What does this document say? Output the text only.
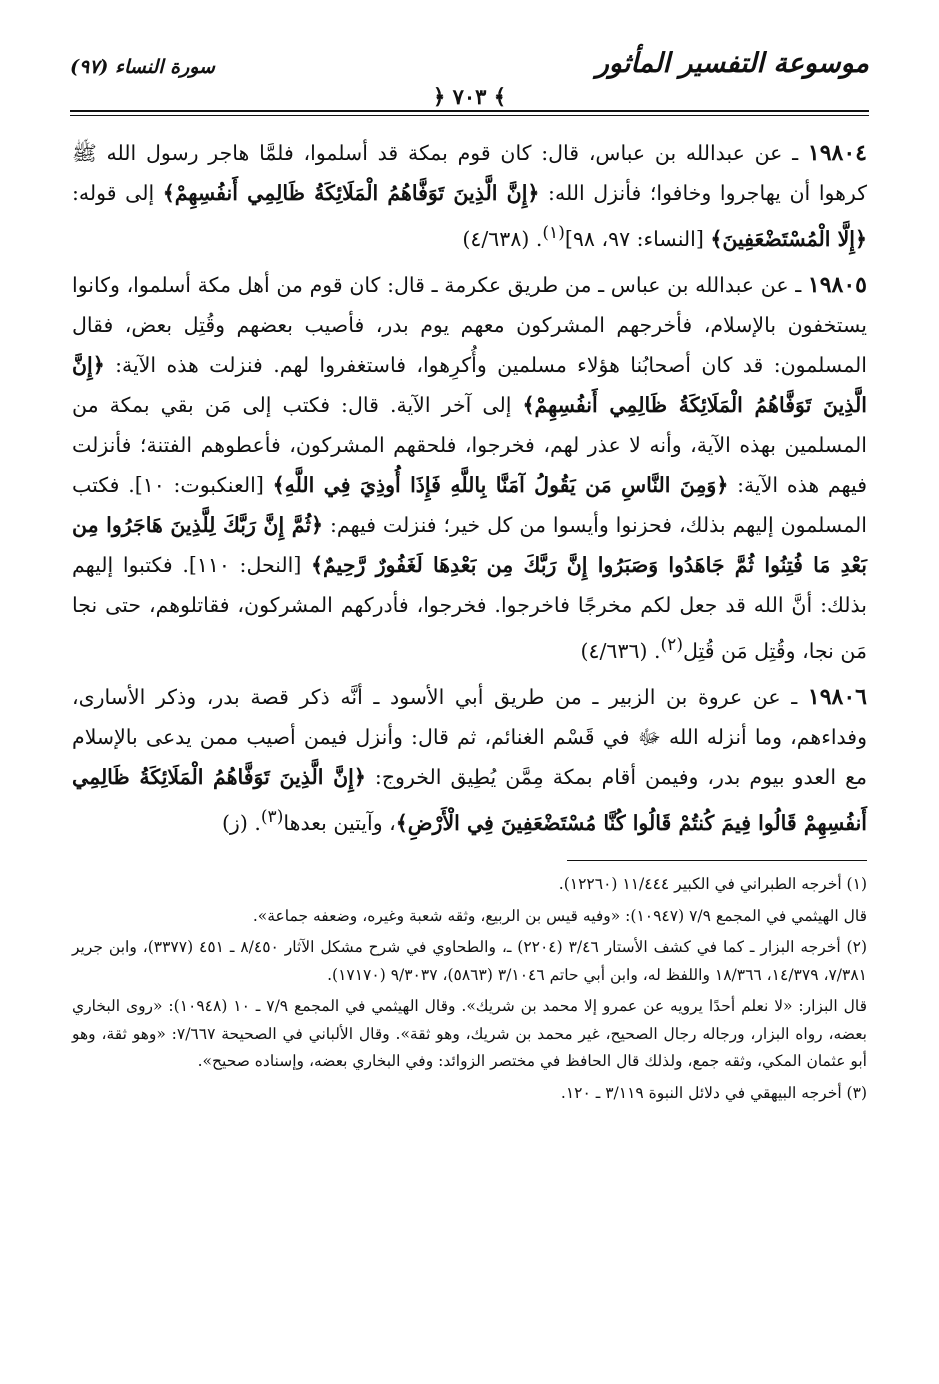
موسوعة التفسير المأثور
﴾ ٧٠٣ ﴿
سورة النساء (٩٧)

١٩٨٠٤ ـ عن عبدالله بن عباس، قال: كان قوم بمكة قد أسلموا، فلمَّا هاجر رسول الله ﷺ كرهوا أن يهاجروا وخافوا؛ فأنزل الله: ﴿إِنَّ الَّذِينَ تَوَفَّاهُمُ الْمَلَائِكَةُ ظَالِمِي أَنفُسِهِمْ﴾ إلى قوله: ﴿إِلَّا الْمُسْتَضْعَفِينَ﴾ [النساء: ٩٧، ٩٨]$^{(١)}$. (٤/٦٣٨)

١٩٨٠٥ ـ عن عبدالله بن عباس ـ من طريق عكرمة ـ قال: كان قوم من أهل مكة أسلموا، وكانوا يستخفون بالإسلام، فأخرجهم المشركون معهم يوم بدر، فأصيب بعضهم وقُتِل بعض، فقال المسلمون: قد كان أصحابُنا هؤلاء مسلمين وأُكرِهوا، فاستغفروا لهم. فنزلت هذه الآية: ﴿إِنَّ الَّذِينَ تَوَفَّاهُمُ الْمَلَائِكَةُ ظَالِمِي أَنفُسِهِمْ﴾ إلى آخر الآية. قال: فكتب إلى مَن بقي بمكة من المسلمين بهذه الآية، وأنه لا عذر لهم، فخرجوا، فلحقهم المشركون، فأعطوهم الفتنة؛ فأنزلت فيهم هذه الآية: ﴿وَمِنَ النَّاسِ مَن يَقُولُ آمَنَّا بِاللَّهِ فَإِذَا أُوذِيَ فِي اللَّهِ﴾ [العنكبوت: ١٠]. فكتب المسلمون إليهم بذلك، فحزنوا وأيسوا من كل خير؛ فنزلت فيهم: ﴿ثُمَّ إِنَّ رَبَّكَ لِلَّذِينَ هَاجَرُوا مِن بَعْدِ مَا فُتِنُوا ثُمَّ جَاهَدُوا وَصَبَرُوا إِنَّ رَبَّكَ مِن بَعْدِهَا لَغَفُورٌ رَّحِيمٌ﴾ [النحل: ١١٠]. فكتبوا إليهم بذلك: أنَّ الله قد جعل لكم مخرجًا فاخرجوا. فخرجوا، فأدركهم المشركون، فقاتلوهم، حتى نجا مَن نجا، وقُتِل مَن قُتِل$^{(٢)}$. (٤/٦٣٦)

١٩٨٠٦ ـ عن عروة بن الزبير ـ من طريق أبي الأسود ـ أنَّه ذكر قصة بدر، وذكر الأسارى، وفداءهم، وما أنزله الله ﷻ في قَسْم الغنائم، ثم قال: وأنزل فيمن أصيب ممن يدعى بالإسلام مع العدو بيوم بدر، وفيمن أقام بمكة مِمَّن يُطِيق الخروج: ﴿إِنَّ الَّذِينَ تَوَفَّاهُمُ الْمَلَائِكَةُ ظَالِمِي أَنفُسِهِمْ قَالُوا فِيمَ كُنتُمْ قَالُوا كُنَّا مُسْتَضْعَفِينَ فِي الْأَرْضِ﴾، وآيتين بعدها$^{(٣)}$. (ز)

(١) أخرجه الطبراني في الكبير ١١/٤٤٤ (١٢٢٦٠).

قال الهيثمي في المجمع ٧/٩ (١٠٩٤٧): «وفيه قيس بن الربيع، وثقه شعبة وغيره، وضعفه جماعة».

(٢) أخرجه البزار ـ كما في كشف الأستار ٣/٤٦ (٢٢٠٤) ـ، والطحاوي في شرح مشكل الآثار ٨/٤٥٠ ـ ٤٥١ (٣٣٧٧)، وابن جرير ٧/٣٨١، ١٤/٣٧٩، ١٨/٣٦٦ واللفظ له، وابن أبي حاتم ٣/١٠٤٦ (٥٨٦٣)، ٩/٣٠٣٧ (١٧١٧٠).

قال البزار: «لا نعلم أحدًا يرويه عن عمرو إلا محمد بن شريك». وقال الهيثمي في المجمع ٧/٩ ـ ١٠ (١٠٩٤٨): «روى البخاري بعضه، رواه البزار، ورجاله رجال الصحيح، غير محمد بن شريك، وهو ثقة». وقال الألباني في الصحيحة ٧/٦٦٧: «وهو ثقة، وهو أبو عثمان المكي، وثقه جمع، ولذلك قال الحافظ في مختصر الزوائد: وفي البخاري بعضه، وإسناده صحيح».

(٣) أخرجه البيهقي في دلائل النبوة ٣/١١٩ ـ ١٢٠.
